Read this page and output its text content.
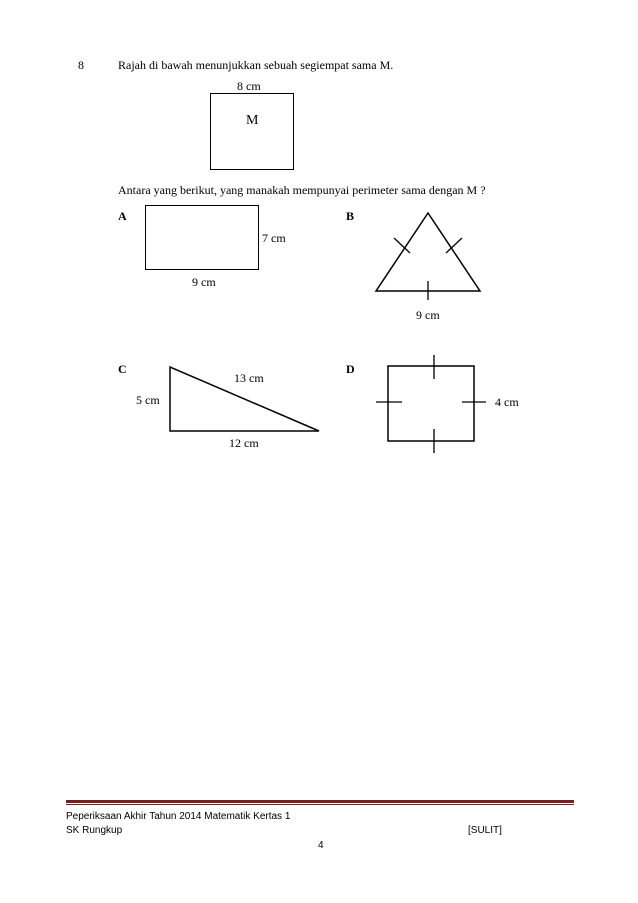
8	Rajah di bawah menunjukkan sebuah segiempat sama M.
8 cm
M
Antara yang berikut, yang manakah mempunyai perimeter sama dengan M ?
A
7 cm
9 cm
B
9 cm
C
13 cm
5 cm
12 cm
D
4 cm
Peperiksaan Akhir Tahun 2014 Matematik Kertas 1
SK Rungkup	[SULIT]
4
